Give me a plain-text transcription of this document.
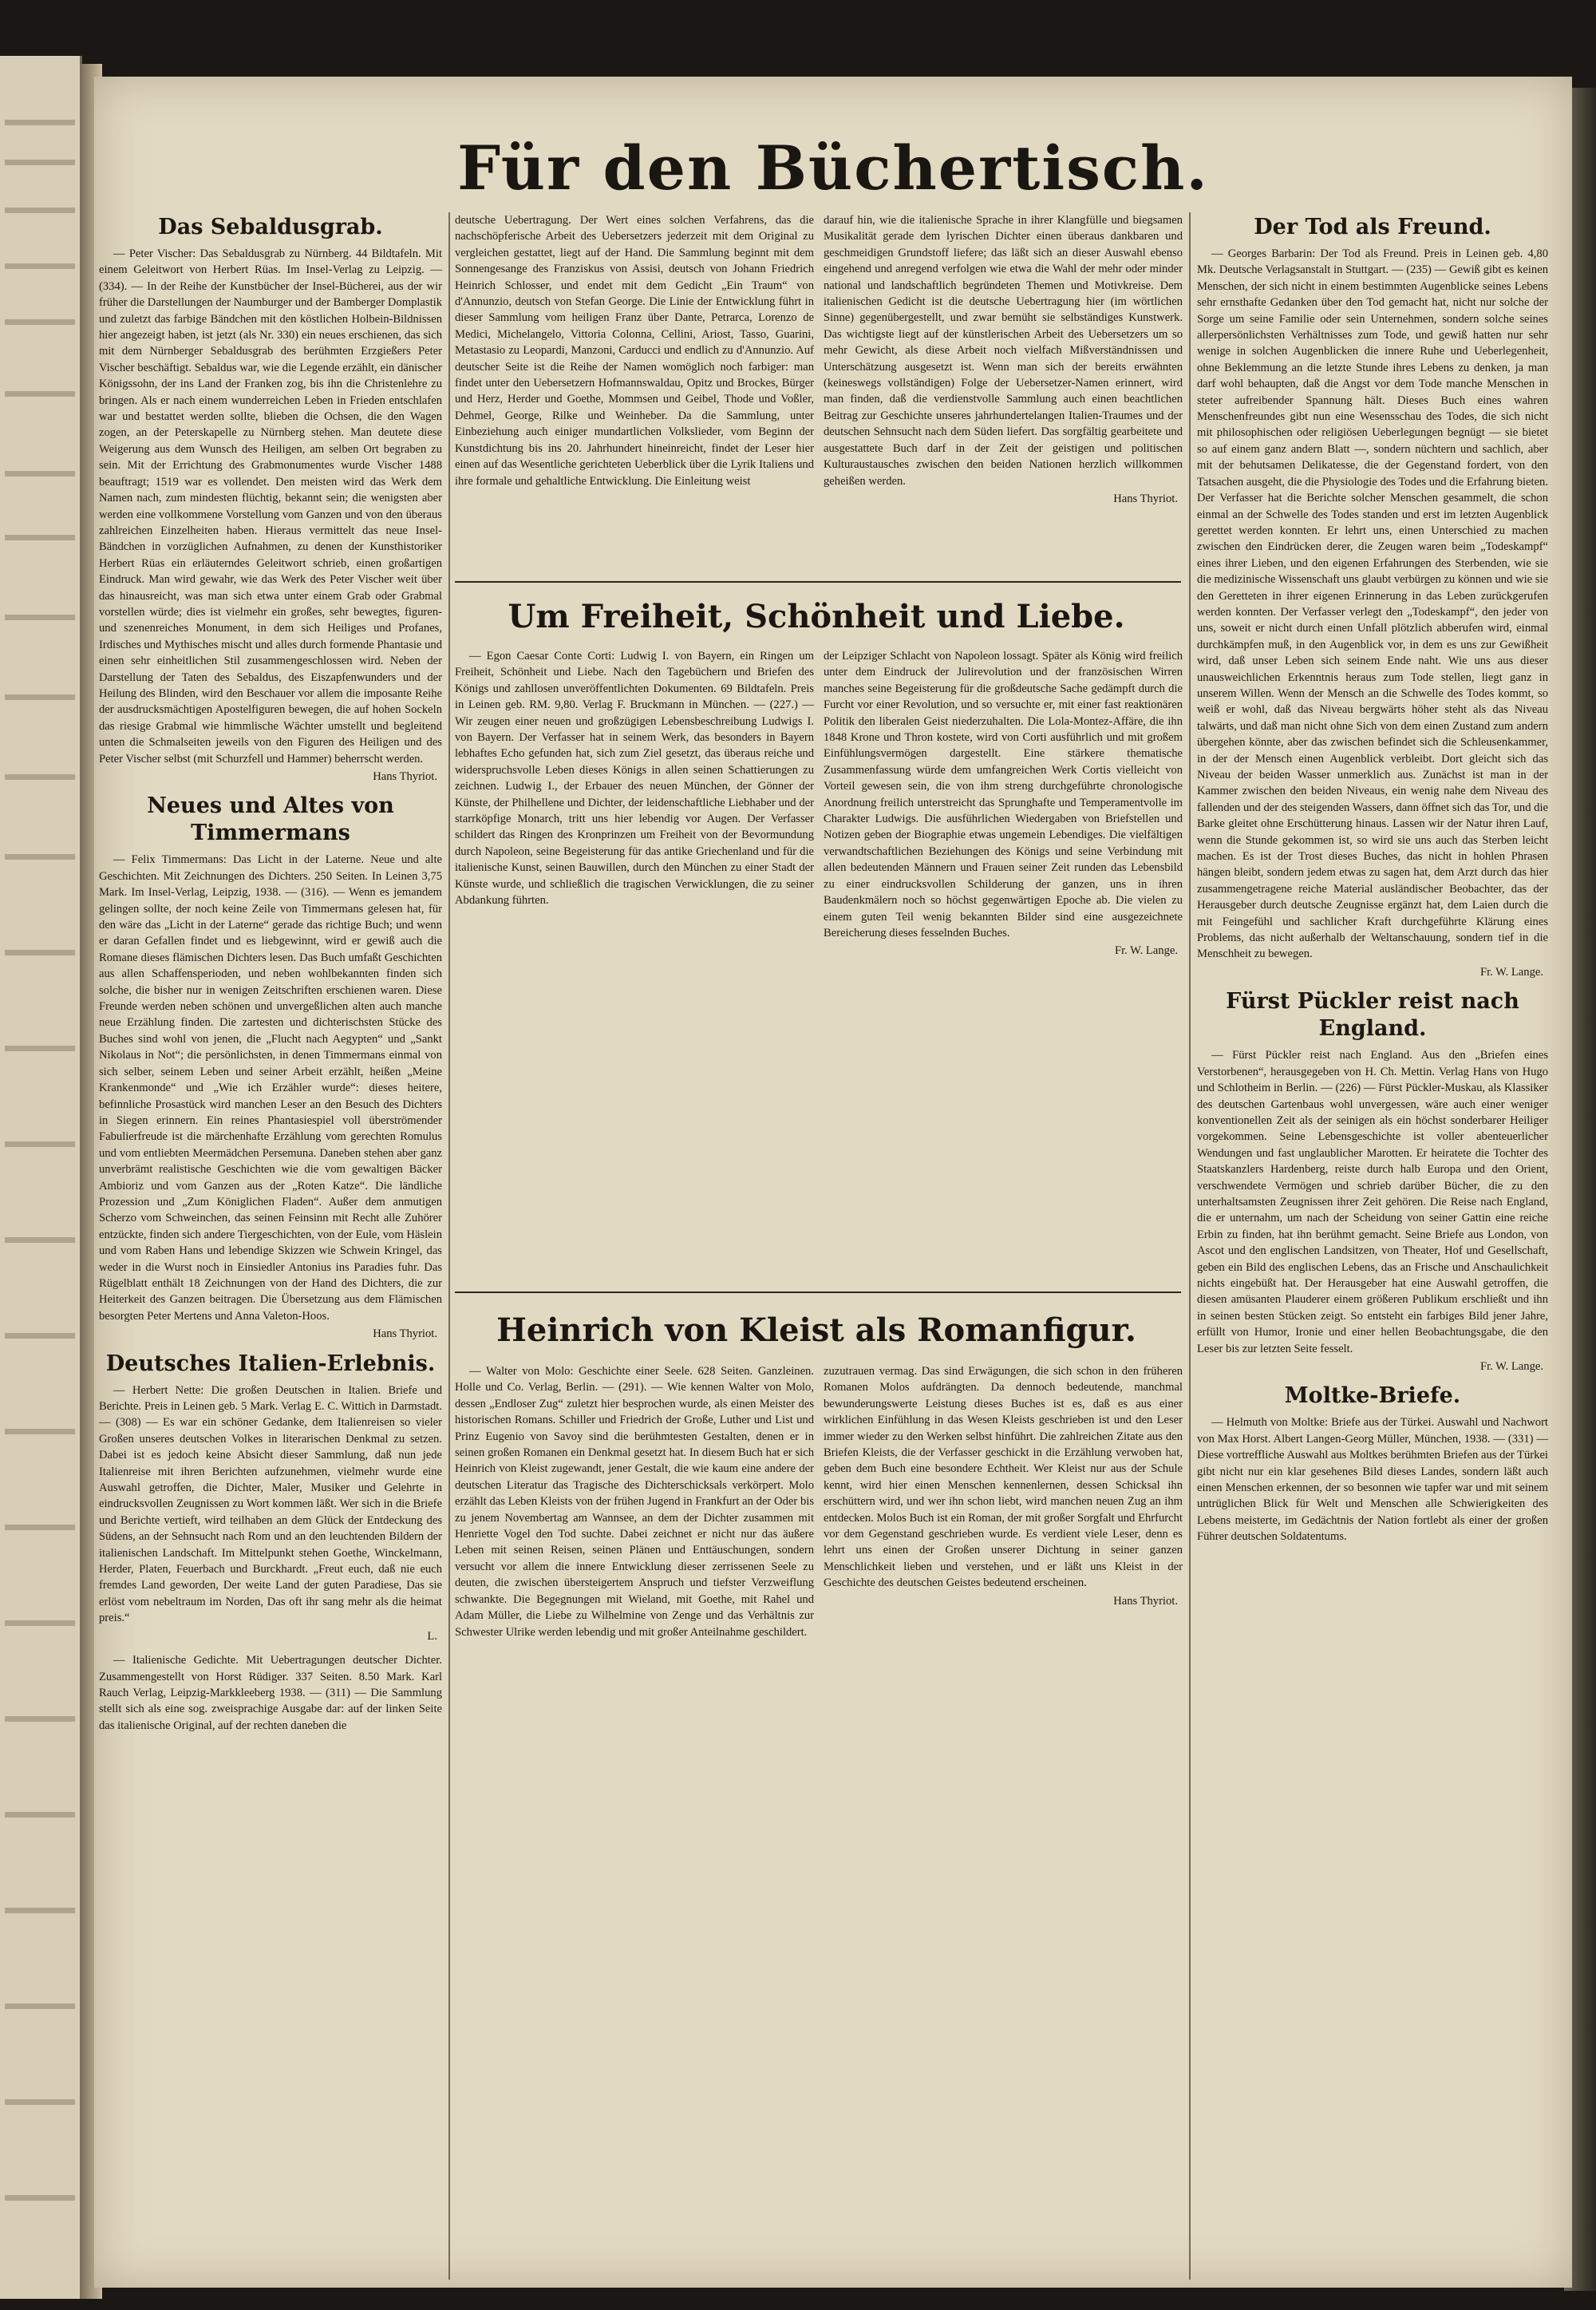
Für den Büchertisch.
Das Sebaldusgrab.

— Peter Vischer: Das Sebaldusgrab zu Nürnberg. 44 Bildtafeln. Mit einem Geleitwort von Herbert Rüas. Im Insel-Verlag zu Leipzig. — (334). — In der Reihe der Kunstbücher der Insel-Bücherei, aus der wir früher die Darstellungen der Naumburger und der Bamberger Domplastik und zuletzt das farbige Bändchen mit den köstlichen Holbein-Bildnissen hier angezeigt haben, ist jetzt (als Nr. 330) ein neues erschienen, das sich mit dem Nürnberger Sebaldusgrab des berühmten Erzgießers Peter Vischer beschäftigt. Sebaldus war, wie die Legende erzählt, ein dänischer Königssohn, der ins Land der Franken zog, bis ihn die Christenlehre zu bringen. Als er nach einem wunderreichen Leben in Frieden entschlafen war und bestattet werden sollte, blieben die Ochsen, die den Wagen zogen, an der Peterskapelle zu Nürnberg stehen. Man deutete diese Weigerung aus dem Wunsch des Heiligen, am selben Ort begraben zu sein. Mit der Errichtung des Grabmonumentes wurde Vischer 1488 beauftragt; 1519 war es vollendet. Den meisten wird das Werk dem Namen nach, zum mindesten flüchtig, bekannt sein; die wenigsten aber werden eine vollkommene Vorstellung vom Ganzen und von den überaus zahlreichen Einzelheiten haben. Hieraus vermittelt das neue Insel-Bändchen in vorzüglichen Aufnahmen, zu denen der Kunsthistoriker Herbert Rüas ein erläuterndes Geleitwort schrieb, einen großartigen Eindruck. Man wird gewahr, wie das Werk des Peter Vischer weit über das hinausreicht, was man sich etwa unter einem Grab oder Grabmal vorstellen würde; dies ist vielmehr ein großes, sehr bewegtes, figuren- und szenenreiches Monument, in dem sich Heiliges und Profanes, Irdisches und Mythisches mischt und alles durch formende Phantasie und einen sehr einheitlichen Stil zusammengeschlossen wird. Neben der Darstellung der Taten des Sebaldus, des Eiszapfenwunders und der Heilung des Blinden, wird den Beschauer vor allem die imposante Reihe der ausdrucksmächtigen Apostelfiguren bewegen, die auf hohen Sockeln das riesige Grabmal wie himmlische Wächter umstellt und begleitend unten die Schmalseiten jeweils von den Figuren des Heiligen und des Peter Vischer selbst (mit Schurzfell und Hammer) beherrscht werden.

Hans Thyriot.
Neues und Altes von Timmermans

— Felix Timmermans: Das Licht in der Laterne. Neue und alte Geschichten. Mit Zeichnungen des Dichters. 250 Seiten. In Leinen 3,75 Mark. Im Insel-Verlag, Leipzig, 1938. — (316). — Wenn es jemandem gelingen sollte, der noch keine Zeile von Timmermans gelesen hat, für den wäre das „Licht in der Laterne“ gerade das richtige Buch; und wenn er daran Gefallen findet und es liebgewinnt, wird er gewiß auch die Romane dieses flämischen Dichters lesen. Das Buch umfaßt Geschichten aus allen Schaffensperioden, und neben wohlbekannten finden sich solche, die bisher nur in wenigen Zeitschriften erschienen waren. Diese Freunde werden neben schönen und unvergeßlichen alten auch manche neue Erzählung finden. Die zartesten und dichterischsten Stücke des Buches sind wohl von jenen, die „Flucht nach Aegypten“ und „Sankt Nikolaus in Not“; die persönlichsten, in denen Timmermans einmal von sich selber, seinem Leben und seiner Arbeit erzählt, heißen „Meine Krankenmonde“ und „Wie ich Erzähler wurde“: dieses heitere, befinnliche Prosastück wird manchen Leser an den Besuch des Dichters in Siegen erinnern. Ein reines Phantasiespiel voll überströmender Fabulierfreude ist die märchenhafte Erzählung vom gerechten Romulus und vom entliebten Meermädchen Persemuna. Daneben stehen aber ganz unverbrämt realistische Geschichten wie die vom gewaltigen Bäcker Ambioriz und vom Ganzen aus der „Roten Katze“. Die ländliche Prozession und „Zum Königlichen Fladen“. Außer dem anmutigen Scherzo vom Schweinchen, das seinen Feinsinn mit Recht alle Zuhörer entzückte, finden sich andere Tiergeschichten, von der Eule, vom Häslein und vom Raben Hans und lebendige Skizzen wie Schwein Kringel, das weder in die Wurst noch in Einsiedler Antonius ins Paradies fuhr. Das Rügelblatt enthält 18 Zeichnungen von der Hand des Dichters, die zur Heiterkeit des Ganzen beitragen. Die Übersetzung aus dem Flämischen besorgten Peter Mertens und Anna Valeton-Hoos.

Hans Thyriot.
Deutsches Italien-Erlebnis.

— Herbert Nette: Die großen Deutschen in Italien. Briefe und Berichte. Preis in Leinen geb. 5 Mark. Verlag E. C. Wittich in Darmstadt. — (308) — Es war ein schöner Gedanke, dem Italienreisen so vieler Großen unseres deutschen Volkes in literarischen Denkmal zu setzen. Dabei ist es jedoch keine Absicht dieser Sammlung, daß nun jede Italienreise mit ihren Berichten aufzunehmen, vielmehr wurde eine Auswahl getroffen, die Dichter, Maler, Musiker und Gelehrte in eindrucksvollen Zeugnissen zu Wort kommen läßt. Wer sich in die Briefe und Berichte vertieft, wird teilhaben an dem Glück der Entdeckung des Südens, an der Sehnsucht nach Rom und an den leuchtenden Bildern der italienischen Landschaft. Im Mittelpunkt stehen Goethe, Winckelmann, Herder, Platen, Feuerbach und Burckhardt. „Freut euch, daß nie euch fremdes Land geworden, Der weite Land der guten Paradiese, Das sie erlöst vom nebeltraum im Norden, Das oft ihr sang mehr als die heimat preis.“

L.

— Italienische Gedichte. Mit Uebertragungen deutscher Dichter. Zusammengestellt von Horst Rüdiger. 337 Seiten. 8.50 Mark. Karl Rauch Verlag, Leipzig-Markkleeberg 1938. — (311) — Die Sammlung stellt sich als eine sog. zweisprachige Ausgabe dar: auf der linken Seite das italienische Original, auf der rechten daneben die

deutsche Uebertragung. Der Wert eines solchen Verfahrens, das die nachschöpferische Arbeit des Uebersetzers jederzeit mit dem Original zu vergleichen gestattet, liegt auf der Hand. Die Sammlung beginnt mit dem Sonnengesange des Franziskus von Assisi, deutsch von Johann Friedrich Heinrich Schlosser, und endet mit dem Gedicht „Ein Traum“ von d'Annunzio, deutsch von Stefan George. Die Linie der Entwicklung führt in dieser Sammlung vom heiligen Franz über Dante, Petrarca, Lorenzo de Medici, Michelangelo, Vittoria Colonna, Cellini, Ariost, Tasso, Guarini, Metastasio zu Leopardi, Manzoni, Carducci und endlich zu d'Annunzio. Auf deutscher Seite ist die Reihe der Namen womöglich noch farbiger: man findet unter den Uebersetzern Hofmannswaldau, Opitz und Brockes, Bürger und Herz, Herder und Goethe, Mommsen und Geibel, Thode und Voßler, Dehmel, George, Rilke und Weinheber. Da die Sammlung, unter Einbeziehung auch einiger mundartlichen Volkslieder, vom Beginn der Kunstdichtung bis ins 20. Jahrhundert hineinreicht, findet der Leser hier einen auf das Wesentliche gerichteten Ueberblick über die Lyrik Italiens und ihre formale und gehaltliche Entwicklung. Die Einleitung weist

darauf hin, wie die italienische Sprache in ihrer Klangfülle und biegsamen Musikalität gerade dem lyrischen Dichter einen überaus dankbaren und geschmeidigen Grundstoff liefere; das läßt sich an dieser Auswahl ebenso eingehend und anregend verfolgen wie etwa die Wahl der mehr oder minder national und landschaftlich begründeten Themen und Motivkreise. Dem italienischen Gedicht ist die deutsche Uebertragung hier (im wörtlichen Sinne) gegenübergestellt, und zwar bemüht sie selbständiges Kunstwerk. Das wichtigste liegt auf der künstlerischen Arbeit des Uebersetzers um so mehr Gewicht, als diese Arbeit noch vielfach Mißverständnissen und Unterschätzung ausgesetzt ist. Wenn man sich der bereits erwähnten (keineswegs vollständigen) Folge der Uebersetzer-Namen erinnert, wird man finden, daß die verdienstvolle Sammlung auch einen beachtlichen Beitrag zur Geschichte unseres jahrhundertelangen Italien-Traumes und der deutschen Sehnsucht nach dem Süden liefert. Das sorgfältig gearbeitete und ausgestattete Buch darf in der Zeit der geistigen und politischen Kulturaustausches zwischen den beiden Nationen herzlich willkommen geheißen werden.

Hans Thyriot.
Um Freiheit, Schönheit und Liebe.

— Egon Caesar Conte Corti: Ludwig I. von Bayern, ein Ringen um Freiheit, Schönheit und Liebe. Nach den Tagebüchern und Briefen des Königs und zahllosen unveröffentlichten Dokumenten. 69 Bildtafeln. Preis in Leinen geb. RM. 9,80. Verlag F. Bruckmann in München. — (227.) — Wir zeugen einer neuen und großzügigen Lebensbeschreibung Ludwigs I. von Bayern. Der Verfasser hat in seinem Werk, das besonders in Bayern lebhaftes Echo gefunden hat, sich zum Ziel gesetzt, das überaus reiche und widerspruchsvolle Leben dieses Königs in allen seinen Schattierungen zu zeichnen. Ludwig I., der Erbauer des neuen München, der Gönner der Künste, der Philhellene und Dichter, der leidenschaftliche Liebhaber und der starrköpfige Monarch, tritt uns hier lebendig vor Augen. Der Verfasser schildert das Ringen des Kronprinzen um Freiheit von der Bevormundung durch Napoleon, seine Begeisterung für das antike Griechenland und für die italienische Kunst, seinen Bauwillen, durch den München zu einer Stadt der Künste wurde, und schließlich die tragischen Verwicklungen, die zu seiner Abdankung führten.

der Leipziger Schlacht von Napoleon lossagt. Später als König wird freilich unter dem Eindruck der Julirevolution und der französischen Wirren manches seine Begeisterung für die großdeutsche Sache gedämpft durch die Furcht vor einer Revolution, und so versuchte er, mit einer fast reaktionären Politik den liberalen Geist niederzuhalten. Die Lola-Montez-Affäre, die ihn 1848 Krone und Thron kostete, wird von Corti ausführlich und mit großem Einfühlungsvermögen dargestellt. Eine stärkere thematische Zusammenfassung würde dem umfangreichen Werk Cortis vielleicht von Vorteil gewesen sein, die von ihm streng durchgeführte chronologische Anordnung freilich unterstreicht das Sprunghafte und Temperamentvolle im Charakter Ludwigs. Die ausführlichen Wiedergaben von Briefstellen und Notizen geben der Biographie etwas ungemein Lebendiges. Die vielfältigen verwandtschaftlichen Beziehungen des Königs und seine Verbindung mit allen bedeutenden Männern und Frauen seiner Zeit runden das Lebensbild zu einer eindrucksvollen Schilderung der ganzen, uns in ihren Baudenkmälern noch so höchst gegenwärtigen Epoche ab. Die vielen zu einem guten Teil wenig bekannten Bilder sind eine ausgezeichnete Bereicherung dieses fesselnden Buches.

Fr. W. Lange.
Heinrich von Kleist als Romanfigur.

— Walter von Molo: Geschichte einer Seele. 628 Seiten. Ganzleinen. Holle und Co. Verlag, Berlin. — (291). — Wie kennen Walter von Molo, dessen „Endloser Zug“ zuletzt hier besprochen wurde, als einen Meister des historischen Romans. Schiller und Friedrich der Große, Luther und List und Prinz Eugenio von Savoy sind die berühmtesten Gestalten, denen er in seinen großen Romanen ein Denkmal gesetzt hat. In diesem Buch hat er sich Heinrich von Kleist zugewandt, jener Gestalt, die wie kaum eine andere der deutschen Literatur das Tragische des Dichterschicksals verkörpert. Molo erzählt das Leben Kleists von der frühen Jugend in Frankfurt an der Oder bis zu jenem Novembertag am Wannsee, an dem der Dichter zusammen mit Henriette Vogel den Tod suchte. Dabei zeichnet er nicht nur das äußere Leben mit seinen Reisen, seinen Plänen und Enttäuschungen, sondern versucht vor allem die innere Entwicklung dieser zerrissenen Seele zu deuten, die zwischen übersteigertem Anspruch und tiefster Verzweiflung schwankte. Die Begegnungen mit Wieland, mit Goethe, mit Rahel und Adam Müller, die Liebe zu Wilhelmine von Zenge und das Verhältnis zur Schwester Ulrike werden lebendig und mit großer Anteilnahme geschildert.

zuzutrauen vermag. Das sind Erwägungen, die sich schon in den früheren Romanen Molos aufdrängten. Da dennoch bedeutende, manchmal bewunderungswerte Leistung dieses Buches ist es, daß es aus einer wirklichen Einfühlung in das Wesen Kleists geschrieben ist und den Leser immer wieder zu den Werken selbst hinführt. Die zahlreichen Zitate aus den Briefen Kleists, die der Verfasser geschickt in die Erzählung verwoben hat, geben dem Buch eine besondere Echtheit. Wer Kleist nur aus der Schule kennt, wird hier einen Menschen kennenlernen, dessen Schicksal ihn erschüttern wird, und wer ihn schon liebt, wird manchen neuen Zug an ihm entdecken. Molos Buch ist ein Roman, der mit großer Sorgfalt und Ehrfurcht vor dem Gegenstand geschrieben wurde. Es verdient viele Leser, denn es lehrt uns einen der Großen unserer Dichtung in seiner ganzen Menschlichkeit lieben und verstehen, und er läßt uns Kleist in der Geschichte des deutschen Geistes bedeutend erscheinen.

Hans Thyriot.
Der Tod als Freund.

— Georges Barbarin: Der Tod als Freund. Preis in Leinen geb. 4,80 Mk. Deutsche Verlagsanstalt in Stuttgart. — (235) — Gewiß gibt es keinen Menschen, der sich nicht in einem bestimmten Augenblicke seines Lebens sehr ernsthafte Gedanken über den Tod gemacht hat, nicht nur solche der Sorge um seine Familie oder sein Unternehmen, sondern solche seines allerpersönlichsten Verhältnisses zum Tode, und gewiß hatten nur sehr wenige in solchen Augenblicken die innere Ruhe und Ueberlegenheit, ohne Beklemmung an die letzte Stunde ihres Lebens zu denken, ja man darf wohl behaupten, daß die Angst vor dem Tode manche Menschen in steter aufreibender Spannung hält. Dieses Buch eines wahren Menschenfreundes gibt nun eine Wesensschau des Todes, die sich nicht mit philosophischen oder religiösen Ueberlegungen begnügt — sie bietet so auf einem ganz andern Blatt —, sondern nüchtern und sachlich, aber mit der behutsamen Delikatesse, die der Gegenstand fordert, von den Tatsachen ausgeht, die die Physiologie des Todes und die Erfahrung bieten. Der Verfasser hat die Berichte solcher Menschen gesammelt, die schon einmal an der Schwelle des Todes standen und erst im letzten Augenblick gerettet werden konnten. Er lehrt uns, einen Unterschied zu machen zwischen den Eindrücken derer, die Zeugen waren beim „Todeskampf“ eines ihrer Lieben, und den eigenen Erfahrungen des Sterbenden, wie sie die medizinische Wissenschaft uns glaubt verbürgen zu können und wie sie den Geretteten in ihrer eigenen Erinnerung in das Leben zurückgerufen werden konnten. Der Verfasser verlegt den „Todeskampf“, den jeder von uns, soweit er nicht durch einen Unfall plötzlich abberufen wird, einmal durchkämpfen muß, in den Augenblick vor, in dem es uns zur Gewißheit wird, daß unser Leben sich seinem Ende naht. Wie uns aus dieser unausweichlichen Erkenntnis heraus zum Tode stellen, liegt ganz in unserem Willen. Wenn der Mensch an die Schwelle des Todes kommt, so weiß er wohl, daß das Niveau bergwärts höher steht als das Niveau talwärts, und daß man nicht ohne Sich von dem einen Zustand zum andern übergehen könnte, aber das zwischen befindet sich die Schleusenkammer, in der der Mensch einen Augenblick verbleibt. Dort gleicht sich das Niveau der beiden Wasser unmerklich aus. Zunächst ist man in der Kammer zwischen den beiden Niveaus, ein wenig nahe dem Niveau des fallenden und der des steigenden Wassers, dann öffnet sich das Tor, und die Barke gleitet ohne Erschütterung hinaus. Lassen wir der Natur ihren Lauf, wenn die Stunde gekommen ist, so wird sie uns auch das Sterben leicht machen. Es ist der Trost dieses Buches, das nicht in hohlen Phrasen hängen bleibt, sondern jedem etwas zu sagen hat, dem Arzt durch das hier zusammengetragene reiche Material ausländischer Beobachter, das der Herausgeber durch deutsche Zeugnisse ergänzt hat, dem Laien durch die mit Feingefühl und sachlicher Kraft durchgeführte Klärung eines Problems, das nicht außerhalb der Weltanschauung, sondern tief in die Menschheit zu bewegen.

Fr. W. Lange.
Fürst Pückler reist nach England.

— Fürst Pückler reist nach England. Aus den „Briefen eines Verstorbenen“, herausgegeben von H. Ch. Mettin. Verlag Hans von Hugo und Schlotheim in Berlin. — (226) — Fürst Pückler-Muskau, als Klassiker des deutschen Gartenbaus wohl unvergessen, wäre auch einer weniger konventionellen Zeit als der seinigen als ein höchst sonderbarer Heiliger vorgekommen. Seine Lebensgeschichte ist voller abenteuerlicher Wendungen und fast unglaublicher Marotten. Er heiratete die Tochter des Staatskanzlers Hardenberg, reiste durch halb Europa und den Orient, verschwendete Vermögen und schrieb darüber Bücher, die zu den unterhaltsamsten Zeugnissen ihrer Zeit gehören. Die Reise nach England, die er unternahm, um nach der Scheidung von seiner Gattin eine reiche Erbin zu finden, hat ihn berühmt gemacht. Seine Briefe aus London, von Ascot und den englischen Landsitzen, von Theater, Hof und Gesellschaft, geben ein Bild des englischen Lebens, das an Frische und Anschaulichkeit nichts eingebüßt hat. Der Herausgeber hat eine Auswahl getroffen, die diesen amüsanten Plauderer einem größeren Publikum erschließt und ihn in seinen besten Stücken zeigt. So entsteht ein farbiges Bild jener Jahre, erfüllt von Humor, Ironie und einer hellen Beobachtungsgabe, die den Leser bis zur letzten Seite fesselt.

Fr. W. Lange.
Moltke-Briefe.

— Helmuth von Moltke: Briefe aus der Türkei. Auswahl und Nachwort von Max Horst. Albert Langen-Georg Müller, München, 1938. — (331) — Diese vortreffliche Auswahl aus Moltkes berühmten Briefen aus der Türkei gibt nicht nur ein klar gesehenes Bild dieses Landes, sondern läßt auch einen Menschen erkennen, der so besonnen wie tapfer war und mit seinem untrüglichen Blick für Welt und Menschen alle Schwierigkeiten des Lebens meisterte, im Gedächtnis der Nation fortlebt als einer der großen Führer deutschen Soldatentums.
